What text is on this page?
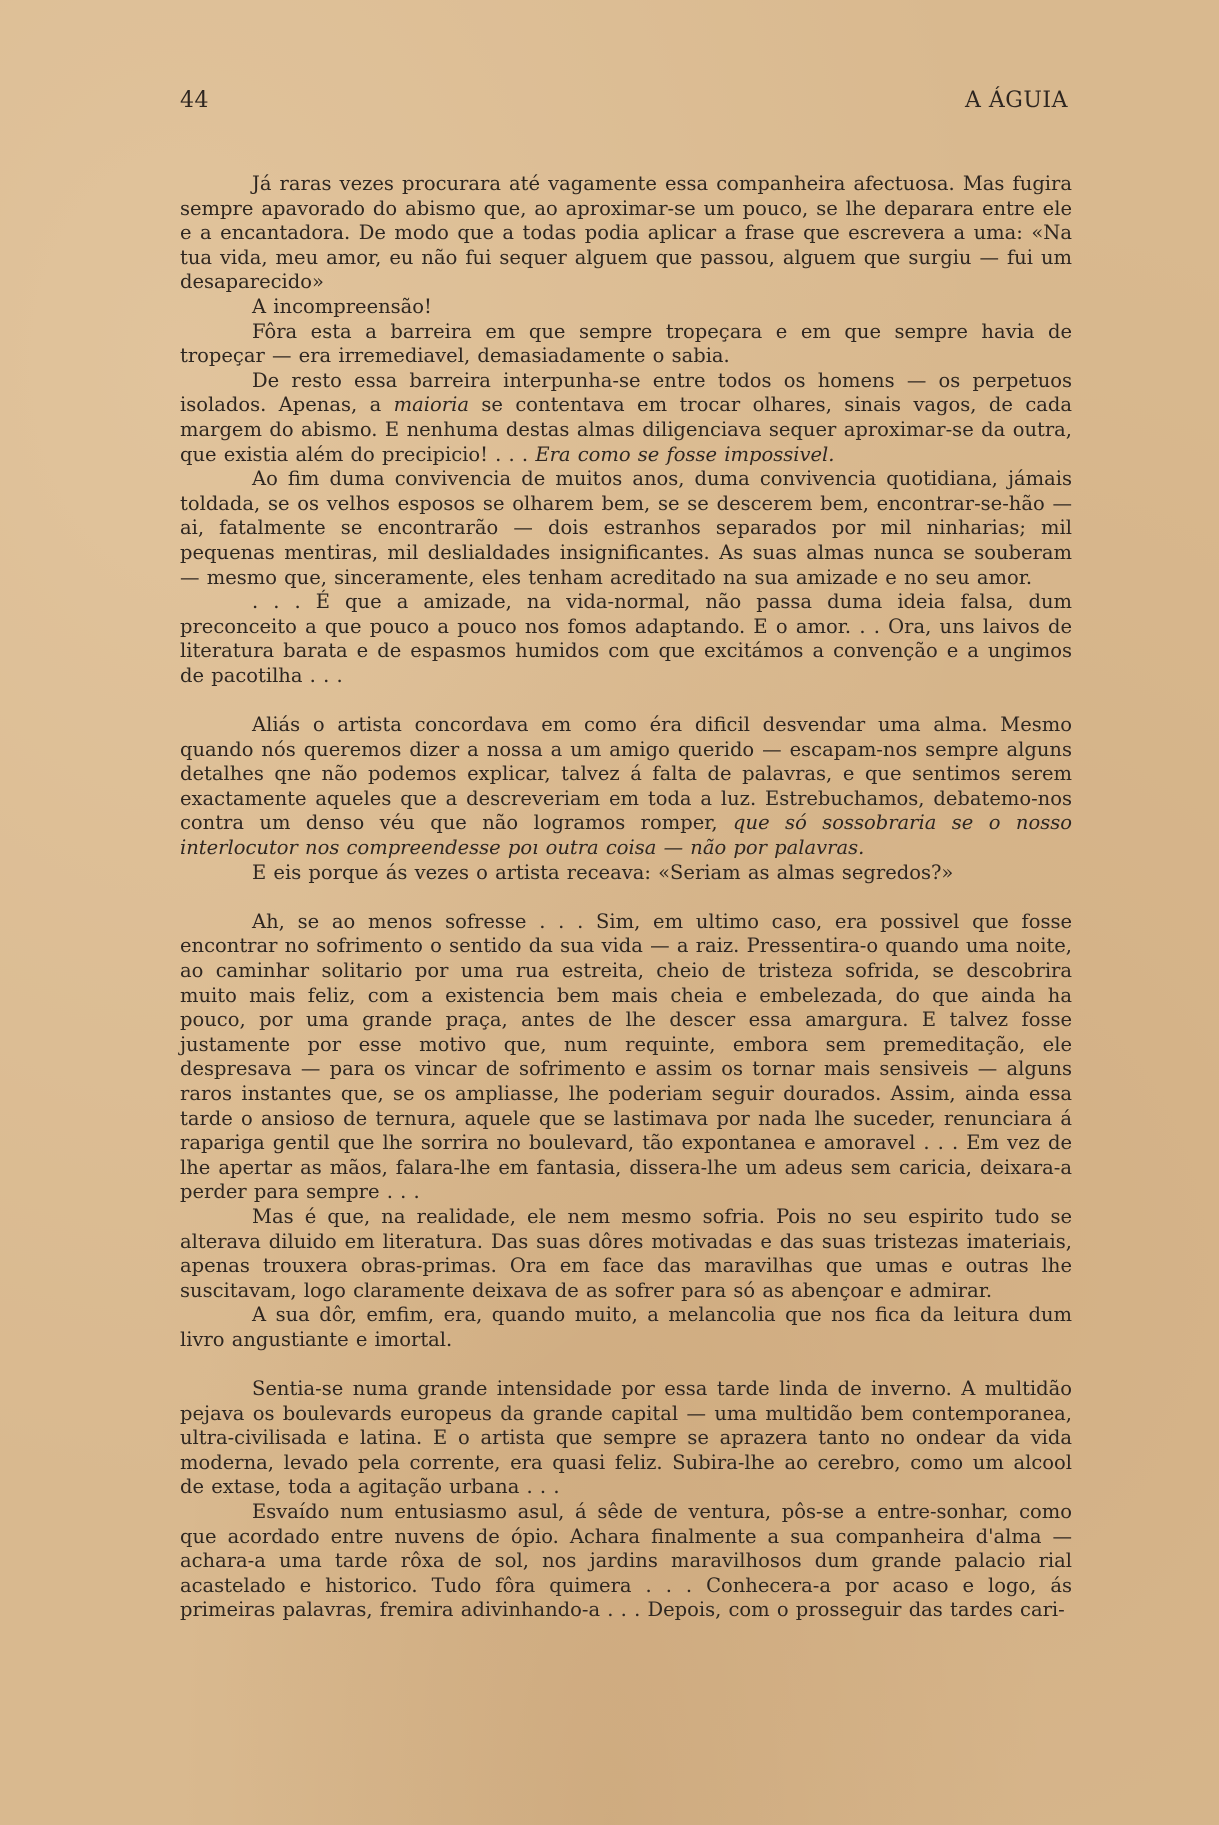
44	A ÁGUIA

Já raras vezes procurara até vagamente essa companheira afectuosa. Mas fugira sempre apavorado do abismo que, ao aproximar-se um pouco, se lhe deparara entre ele e a encantadora. De modo que a todas podia aplicar a frase que escrevera a uma: «Na tua vida, meu amor, eu não fui sequer alguem que passou, alguem que surgiu — fui um desaparecido»

A incompreensão!

Fôra esta a barreira em que sempre tropeçara e em que sempre havia de tropeçar — era irremediavel, demasiadamente o sabia.

De resto essa barreira interpunha-se entre todos os homens — os perpetuos isolados. Apenas, a maioria se contentava em trocar olhares, sinais vagos, de cada margem do abismo. E nenhuma destas almas diligenciava sequer aproximar-se da outra, que existia além do precipicio! . . . Era como se fosse impossivel.

Ao fim duma convivencia de muitos anos, duma convivencia quotidiana, jámais toldada, se os velhos esposos se olharem bem, se se descerem bem, encontrar-se-hão — ai, fatalmente se encontrarão — dois estranhos separados por mil ninharias; mil pequenas mentiras, mil deslialdades insignificantes. As suas almas nunca se souberam — mesmo que, sinceramente, eles tenham acreditado na sua amizade e no seu amor.

. . . É que a amizade, na vida-normal, não passa duma ideia falsa, dum preconceito a que pouco a pouco nos fomos adaptando. E o amor. . . Ora, uns laivos de literatura barata e de espasmos humidos com que excitámos a convenção e a ungimos de pacotilha . . .

Aliás o artista concordava em como éra dificil desvendar uma alma. Mesmo quando nós queremos dizer a nossa a um amigo querido — escapam-nos sempre alguns detalhes qne não podemos explicar, talvez á falta de palavras, e que sentimos serem exactamente aqueles que a descreveriam em toda a luz. Estrebuchamos, debatemo-nos contra um denso véu que não logramos romper, que só sossobraria se o nosso interlocutor nos compreendesse poı outra coisa — não por palavras.

E eis porque ás vezes o artista receava: «Seriam as almas segredos?»

Ah, se ao menos sofresse . . . Sim, em ultimo caso, era possivel que fosse encontrar no sofrimento o sentido da sua vida — a raiz. Pressentira-o quando uma noite, ao caminhar solitario por uma rua estreita, cheio de tristeza sofrida, se descobrira muito mais feliz, com a existencia bem mais cheia e embelezada, do que ainda ha pouco, por uma grande praça, antes de lhe descer essa amargura. E talvez fosse justamente por esse motivo que, num requinte, embora sem premeditação, ele despresava — para os vincar de sofrimento e assim os tornar mais sensiveis — alguns raros instantes que, se os ampliasse, lhe poderiam seguir dourados. Assim, ainda essa tarde o ansioso de ternura, aquele que se lastimava por nada lhe suceder, renunciara á rapariga gentil que lhe sorrira no boulevard, tão expontanea e amoravel . . . Em vez de lhe apertar as mãos, falara-lhe em fantasia, dissera-lhe um adeus sem caricia, deixara-a perder para sempre . . .

Mas é que, na realidade, ele nem mesmo sofria. Pois no seu espirito tudo se alterava diluido em literatura. Das suas dôres motivadas e das suas tristezas imateriais, apenas trouxera obras-primas. Ora em face das maravilhas que umas e outras lhe suscitavam, logo claramente deixava de as sofrer para só as abençoar e admirar.

A sua dôr, emfim, era, quando muito, a melancolia que nos fica da leitura dum livro angustiante e imortal.

Sentia-se numa grande intensidade por essa tarde linda de inverno. A multidão pejava os boulevards europeus da grande capital — uma multidão bem contemporanea, ultra-civilisada e latina. E o artista que sempre se aprazera tanto no ondear da vida moderna, levado pela corrente, era quasi feliz. Subira-lhe ao cerebro, como um alcool de extase, toda a agitação urbana . . .

Esvaído num entusiasmo asul, á sêde de ventura, pôs-se a entre-sonhar, como que acordado entre nuvens de ópio. Achara finalmente a sua companheira d'alma — achara-a uma tarde rôxa de sol, nos jardins maravilhosos dum grande palacio rial acastelado e historico. Tudo fôra quimera . . . Conhecera-a por acaso e logo, ás primeiras palavras, fremira adivinhando-a . . . Depois, com o prosseguir das tardes cari-
